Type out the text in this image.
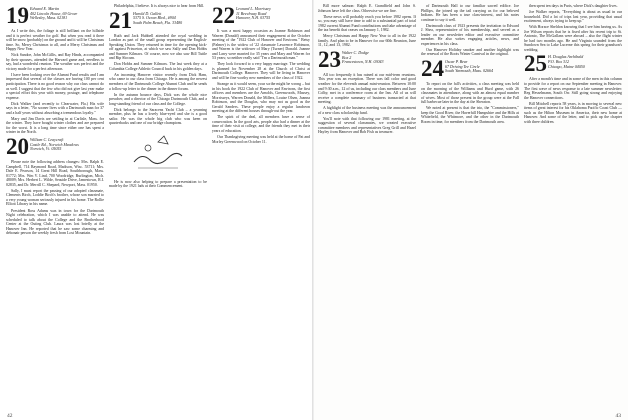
19 Edward E. Martin
402 Lincoln House, 69 Grove
Wellesley, Mass. 02181

As I write this, the foliage is still brilliant on the hillside and it is perfect weather for golf. But when you read it there will be snow (probably) on the ground and it will be Christmas time. So, Merry Christmas to all, and a Merry Christmas and Happy New Year.

Nick Sandoe, John McGillis, and Ray Hinds, accompanied by their spouses, attended the Harvard game and, needless to say, had a wonderful reunion. The weather was perfect and the victory made for a perfect afternoon.

I have been looking over the Alumni Fund results and I am impressed that several of the classes are having 100 per cent participation. There is no good reason why our class cannot do as well. I suggest that the few who did not give last year make a special effort this year with money, postage, and telephone expense.

Dick Walker (and recently to Clearwater, Fla.) His wife says in a letter, "No sooner lives with a Dartmouth man for 37 and a half years without absorbing a tremendous loyalty."

Mary and Jim Davis are settling in at Carlisle, Mass. for the winter. They have bought winter clothes and are prepared for the worst. It is a long time since either one has spent a winter in the North.

20 William C. Leaycraft
Castle Rd., Norwich Meadows
Norwich, Vt. 05055

Please note the following address changes: Mrs. Ralph E. Campbell, 714 Raymond Road, Madison, Wisc. 53711; Mrs. Dale E. Pearson, 14 Great Hill Road, Southborough, Mass. 01772; Mrs. Wm V. Lind, 700 Woodridge, Burlington, Mich. 48009; Mrs. Herbert L. Wilde, Seaside Drive, Jamestown, R.I. 02835, and Dr. Merrill C. Shepard, Newport, Mass. 01950.

Sally, I must report the passing of our adopted classmate, Clements Birch, Loddie Birch's brother, whose son married to a very young woman seriously injured in his home. The Rollie Elliott Library in his name.

President Ross Adams was in town for the Dartmouth Night celebration, which I was unable to attend. He was scheduled to talk about the College and the Brotherhood Center at the Outing Club. Laura was lost briefly at the Hanover Inn. He reported that he saw some charming and debonair person the weekly fresh from Lost Mountain.

Philadelphia, I believe. It is always nice to hear from Hill.

21 Harold D. Gallett
5375 S. Ocean Blvd., #904
South Palm Beach, Fla. 33480

Ruth and Jack Hubbell attended the royal wedding in London as part of the small group representing the English-Speaking Union. They returned in time for the opening kick-off against Princeton, at which we saw Sally and Don Hobbs and Sumner Kilmarx. Of course, now we also saw Bill Tuttle and Rip Slocum.

Don Hobbs and Sumner Kilmarx. The last week they at a Columbia College Athletic Council back in his golden days.

An incoming Hanover visitor recently from Dick Ham, who came to our class from Chicago. He is among the newest members of the Dartmouth College Alumni Club and he sends a follow-up letter to the dinner in the dinner forum.

In the autumn bounce days, Dick was the whole nice preacher, and a director of the Chicago Dartmouth Club, and a long-standing friend of our class and the College.

Dick belongs to the Saracens Yacht Club – a yearning member, plus he has a lovely blue-eyed and she is a good sailor. He was the whole big club who was keen on quarterbacks and one of our bridge champions.

He is now also helping to prepare a presentation to be made by the 1921 lads at their Commencement.

22 Leonard L. Morrissey
11 Beechway Road
Hanover, N.H. 03755

It was a most happy occasion as Joanne Robinson and Warren (Donald) announced their engagement at the October meeting of the "1922 Club of Hanover and Environs." Betsy (Palmer) is the widow of '22 classmate Lawrence Robinson, and Warren is the widower of Mary (Turner) Donald. Joanne and Larry were married for 35 years and Mary and Warren for 53 years; so neither really said "I'm a Dartmouth man."

They look forward to a very happy marriage. The wedding is planned for November 28 at the Church of Christ at Dartmouth College. Hanover. They will be living in Hanover and will be fine worthy new members of the class of 1922.

Strange as it would seem, your scribe might be wrong – but in his book the 1922 Club of Hanover and Environs, the first officers and members are the Arnolds, Greenwoods, Massey, Morrisseys, Warren Donald, the Millers, Louise Olsen, Joanna Robinson, and the Douglas, who may not as good as the Gerald Sanders. These people enjoy a regular luncheon meeting at the different houses through-out the year.

The spirit of the deal, all members have a sense of consecration. In the good arts, people also had a dinner at the time of their visit at college, and the friends they met in their years of education.

Our Thanksgiving meeting was held at the home of Pat and Morley Greenwood on October 11.

42

Bill more salmon: Ralph E. Grandfield and John S. Johnson have left the class. Otherwise we are fine.

These news will probably reach you before 1982 opens. If so, you may still have time to add to a substantial part of total 1982 current Alumni Fund contributions and take advantage of the tax benefit that ceases on January 1, 1982.

Merry Christmas and Happy New Year to all in the 1922 family. And plan to be in Hanover for our 60th Reunion, June 11, 12, and 13, 1982.

23 Walter C. Dodge
Box 2
Francestown, N.H. 03043

All too frequently it has rained at our mid-term reunions. This year was an exception. There was fall color and good weather for the eleventh annual mini-reunion. Between 10:00 and 9:30 a.m., 12 of us, including our class members and June Colby, met in a conference room at the Inn. All of us will receive a complete summary of business transacted at that meeting.

A highlight of the business meeting was the announcement of a new class scholarship fund.

You'll note with that following our 1981 meeting, at the suggestion of several classmates, we created executive committee members and representatives Greg Grill and Hazel Hayley from Hanover and Bob Fish as treasurer.

of Dartmouth Hall to our familiar sacred edifice. Joe Phillips, the joined up the tail carrying us for our beloved Indians. He has been a true class-interest, and his notes continue to say it well.

Dartmouth class of 1923 presents the invitation to Edward J. Shea, representative of his membership, and served as a leader on our newsletter editor and executive committee member. He also writes engaging articles, news, and experiences in his class.

Our Hanover Holiday smoker and another highlight was the renewal of the Roots Winter Carnival in the original.

24 Oscar P. Bear
67 Driving Tee Circle
South Yarmouth, Mass. 02664

To report on the fall's activities, a class meeting was held on the morning of the Williams and Hurd game, with 26 classmates in attendance, along with an almost equal number of wives. Most of those present in the group were at the Fall full barbecue later in the day at the Sheraton.

We noted at present is that the trio, the "Commissioners," keep the Good River, the Haverhill Hampshire and the Hills at Whitefield, the Whitmore, and the other in the Dartmouth Room in time, for members from the Dartmouth area.

then spent ten days in Paris, where Dick's daughter lives.

Joe Walker reports, "Everything is about as usual in our household. Did a lot of trips last year, providing that usual excitement, always trying to keep up."

With Horace Sheldon knowing that I see him having us. As Joe Wilson reports that he is fixed after his recent trip to St. Antonio, The McGallans were abroad – also the flight winter he had two months ago. He and Virginia sounded from the Sundown Sea to Lake Lucerne this spring for their grandson's wedding.

25 H. Douglas Archibald
P.O. Box 312
Chicago, Maine 04050

After a month's time and in some of the men in this column to provide for a report on our September meeting in Hanover. The first wave of news response to a late summer newsletter: Reg Hesselmann, South Orr. Still going strong and enjoying the Hanover connections.

Bill Mitchell reports 58 years, is in moving to several new items of great interest for his Oklahoma Pacific Coast Club — such as the Hilton Museum in America, their new home at Hanover. And some of the letter, and to pick up the chapter with three children.

43
